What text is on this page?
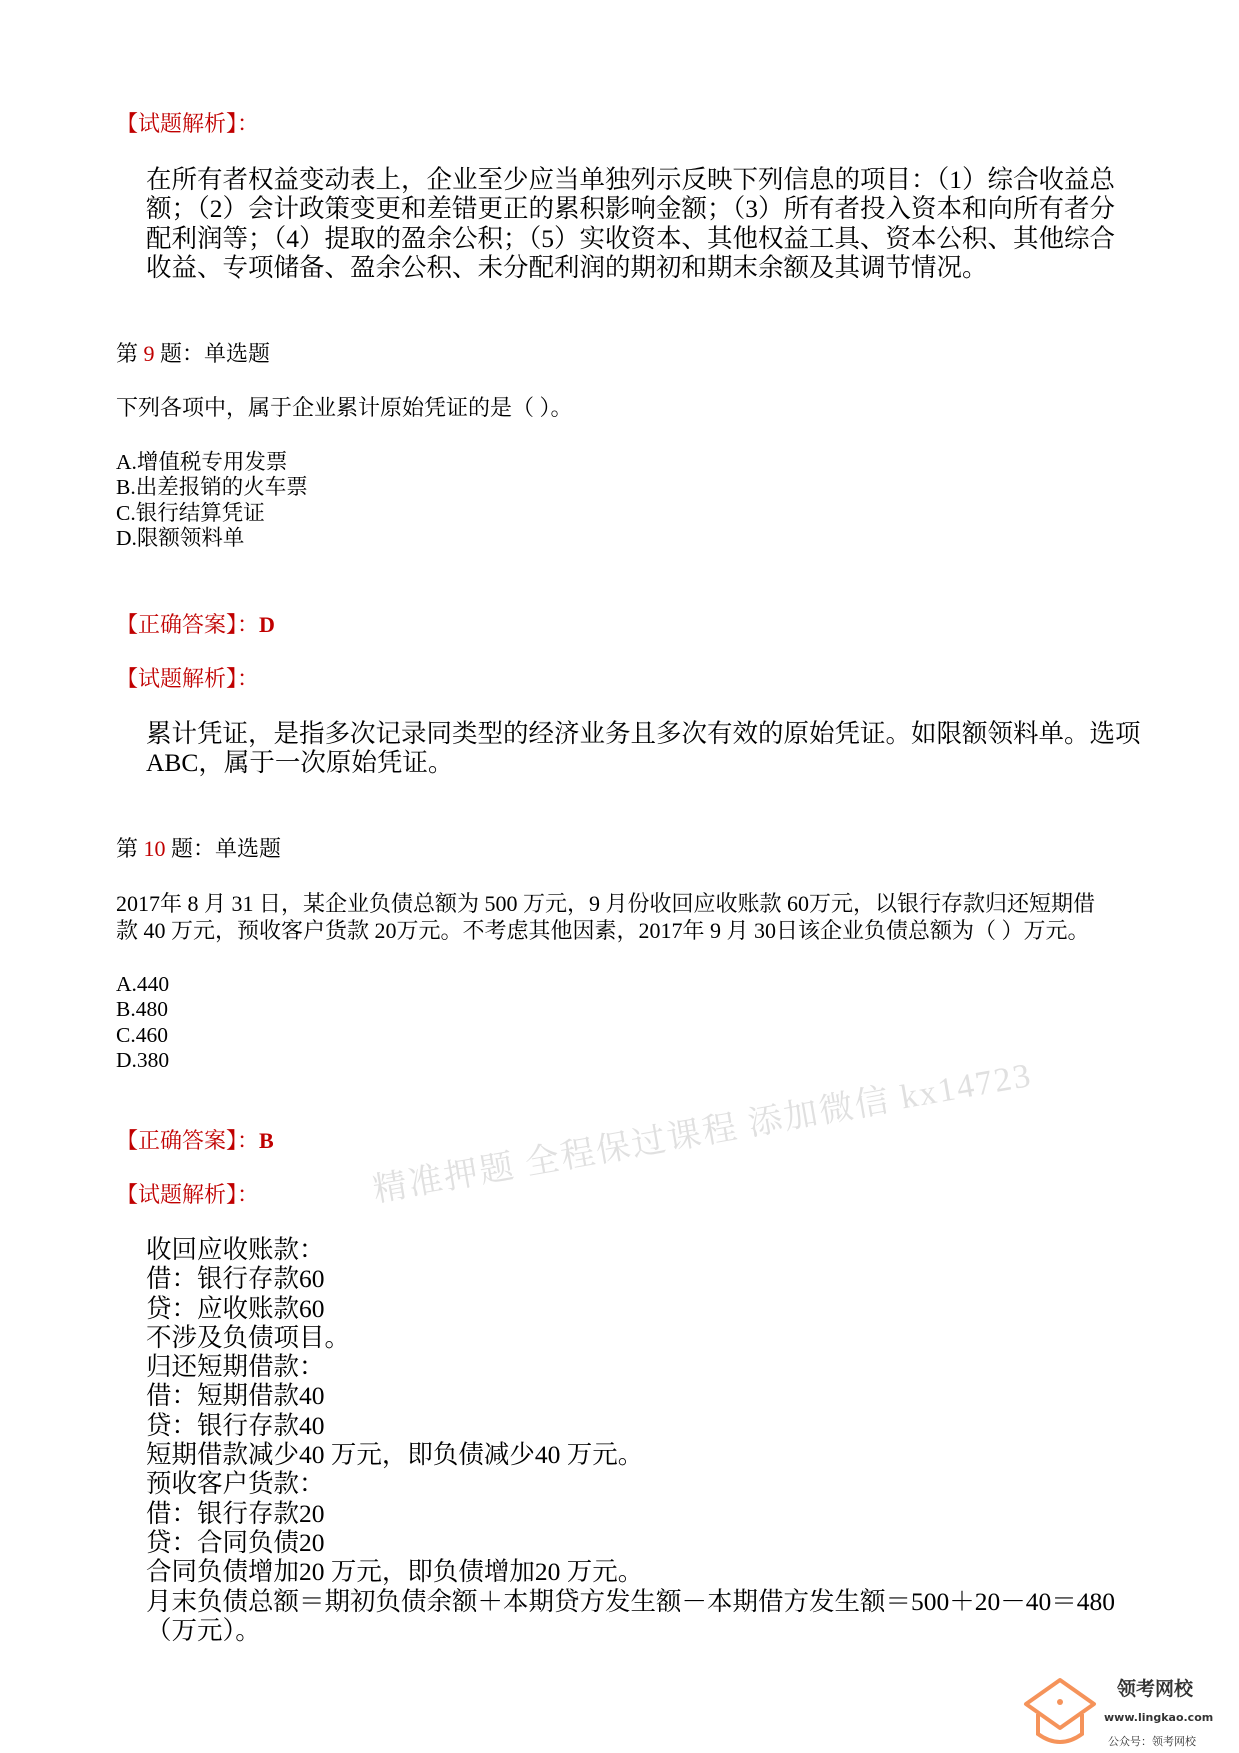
精准押题 全程保过课程 添加微信 kx14723
【试题解析】：
在所有者权益变动表上，企业至少应当单独列示反映下列信息的项目：（1）综合收益总
额；（2）会计政策变更和差错更正的累积影响金额；（3）所有者投入资本和向所有者分
配利润等；（4）提取的盈余公积；（5）实收资本、其他权益工具、资本公积、其他综合
收益、专项储备、盈余公积、未分配利润的期初和期末余额及其调节情况。
第 9 题：单选题
下列各项中，属于企业累计原始凭证的是（ ）。
A.增值税专用发票
B.出差报销的火车票
C.银行结算凭证
D.限额领料单
【正确答案】：D
【试题解析】：
累计凭证，是指多次记录同类型的经济业务且多次有效的原始凭证。如限额领料单。选项
ABC，属于一次原始凭证。
第 10 题：单选题
2017年 8 月 31 日，某企业负债总额为 500 万元，9 月份收回应收账款 60万元，以银行存款归还短期借
款 40 万元，预收客户货款 20万元。不考虑其他因素，2017年 9 月 30日该企业负债总额为（ ）万元。
A.440
B.480
C.460
D.380
【正确答案】：B
【试题解析】：
收回应收账款：
借：银行存款60
贷：应收账款60
不涉及负债项目。
归还短期借款：
借：短期借款40
贷：银行存款40
短期借款减少40 万元，即负债减少40 万元。
预收客户货款：
借：银行存款20
贷：合同负债20
合同负债增加20 万元，即负债增加20 万元。
月末负债总额＝期初负债余额＋本期贷方发生额－本期借方发生额＝500＋20－40＝480
（万元）。
领考网校
www.lingkao.com
公众号：领考网校
